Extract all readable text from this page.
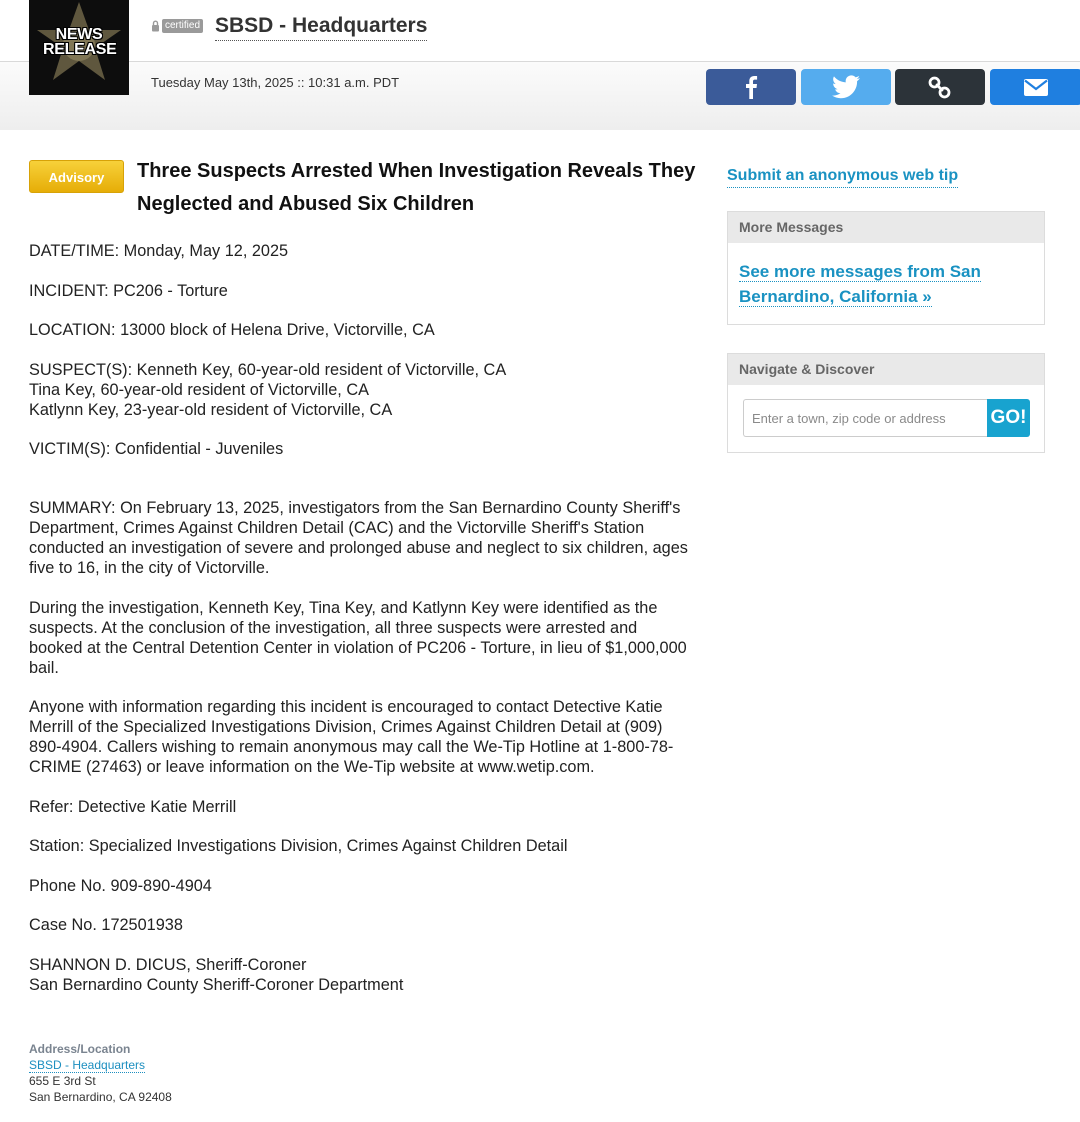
NEWS RELEASE
certified SBSD - Headquarters
Tuesday May 13th, 2025 :: 10:31 a.m. PDT
Advisory	Three Suspects Arrested When Investigation Reveals They Neglected and Abused Six Children

DATE/TIME: Monday, May 12, 2025

INCIDENT: PC206 - Torture

LOCATION: 13000 block of Helena Drive, Victorville, CA

SUSPECT(S): Kenneth Key, 60-year-old resident of Victorville, CA
Tina Key, 60-year-old resident of Victorville, CA
Katlynn Key, 23-year-old resident of Victorville, CA

VICTIM(S): Confidential - Juveniles

SUMMARY: On February 13, 2025, investigators from the San Bernardino County Sheriff's Department, Crimes Against Children Detail (CAC) and the Victorville Sheriff's Station conducted an investigation of severe and prolonged abuse and neglect to six children, ages five to 16, in the city of Victorville.

During the investigation, Kenneth Key, Tina Key, and Katlynn Key were identified as the suspects. At the conclusion of the investigation, all three suspects were arrested and booked at the Central Detention Center in violation of PC206 - Torture, in lieu of $1,000,000 bail.

Anyone with information regarding this incident is encouraged to contact Detective Katie Merrill of the Specialized Investigations Division, Crimes Against Children Detail at (909) 890-4904. Callers wishing to remain anonymous may call the We-Tip Hotline at 1-800-78-CRIME (27463) or leave information on the We-Tip website at www.wetip.com.

Refer: Detective Katie Merrill

Station: Specialized Investigations Division, Crimes Against Children Detail

Phone No. 909-890-4904

Case No. 172501938

SHANNON D. DICUS, Sheriff-Coroner
San Bernardino County Sheriff-Coroner Department

Address/Location
SBSD - Headquarters
655 E 3rd St
San Bernardino, CA 92408
Submit an anonymous web tip
More Messages
See more messages from San Bernardino, California »
Navigate & Discover
Enter a town, zip code or address
GO!
